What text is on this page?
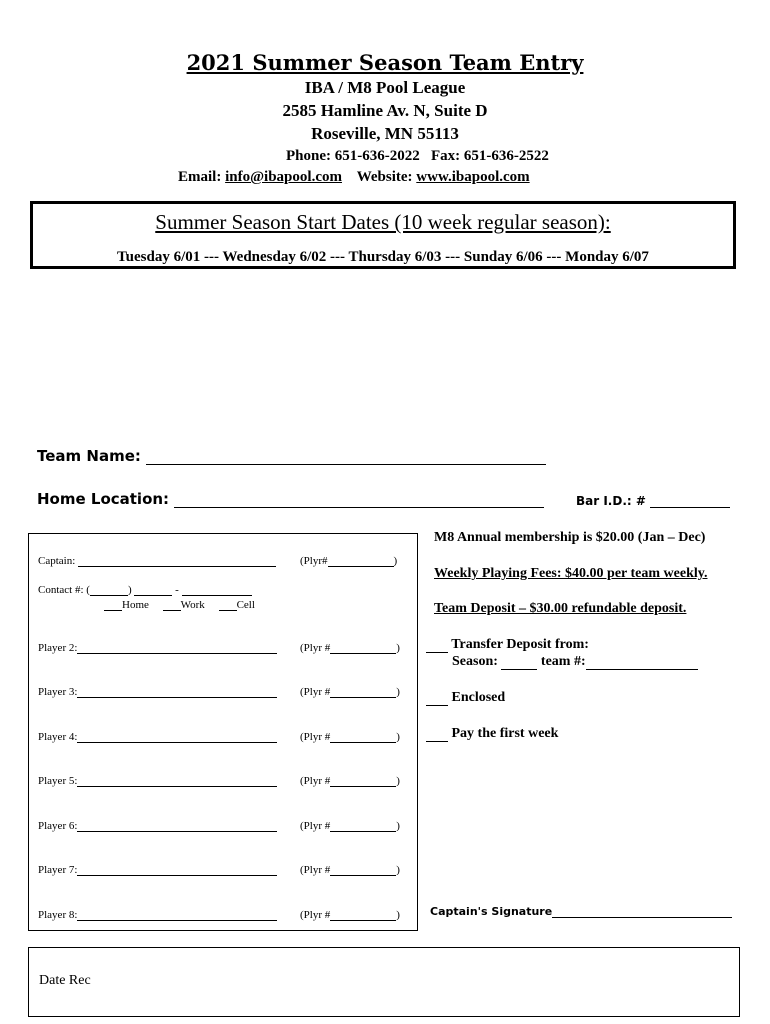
2021 Summer Season Team Entry
IBA / M8 Pool League
2585 Hamline Av. N, Suite D
Roseville, MN 55113
Phone: 651-636-2022   Fax: 651-636-2522
Email: info@ibapool.com Website: www.ibapool.com
Summer Season Start Dates (10 week regular season):
Tuesday 6/01 --- Wednesday 6/02 --- Thursday 6/03 --- Sunday 6/06 --- Monday 6/07
Team Name:
Home Location:	Bar I.D.: #
Captain:	(Plyr#	)
Contact #: (	)	-
Home	Work	Cell
Player 2:	(Plyr #	)
Player 3:	(Plyr #	)
Player 4:	(Plyr #	)
Player 5:	(Plyr #	)
Player 6:	(Plyr #	)
Player 7:	(Plyr #	)
Player 8:	(Plyr #	)
M8 Annual membership is $20.00 (Jan – Dec)
Weekly Playing Fees: $40.00 per team weekly.
Team Deposit – $30.00 refundable deposit.
Transfer Deposit from:
Season:	team #:
Enclosed
Pay the first week
Captain's Signature
Date Rec
